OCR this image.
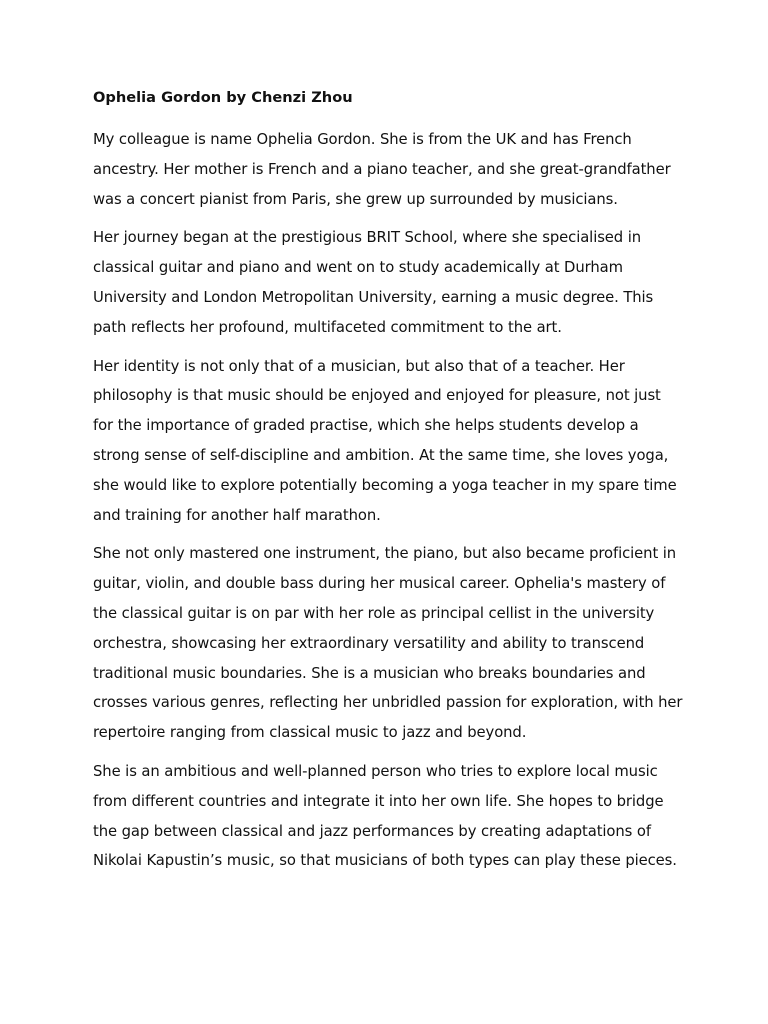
Ophelia Gordon by Chenzi Zhou

My colleague is name Ophelia Gordon. She is from the UK and has French ancestry. Her mother is French and a piano teacher, and she great-grandfather was a concert pianist from Paris, she grew up surrounded by musicians.

Her journey began at the prestigious BRIT School, where she specialised in classical guitar and piano and went on to study academically at Durham University and London Metropolitan University, earning a music degree. This path reflects her profound, multifaceted commitment to the art.

Her identity is not only that of a musician, but also that of a teacher. Her philosophy is that music should be enjoyed and enjoyed for pleasure, not just for the importance of graded practise, which she helps students develop a strong sense of self-discipline and ambition. At the same time, she loves yoga, she would like to explore potentially becoming a yoga teacher in my spare time and training for another half marathon.

She not only mastered one instrument, the piano, but also became proficient in guitar, violin, and double bass during her musical career. Ophelia's mastery of the classical guitar is on par with her role as principal cellist in the university orchestra, showcasing her extraordinary versatility and ability to transcend traditional music boundaries. She is a musician who breaks boundaries and crosses various genres, reflecting her unbridled passion for exploration, with her repertoire ranging from classical music to jazz and beyond.

She is an ambitious and well-planned person who tries to explore local music from different countries and integrate it into her own life. She hopes to bridge the gap between classical and jazz performances by creating adaptations of Nikolai Kapustin’s music, so that musicians of both types can play these pieces.
